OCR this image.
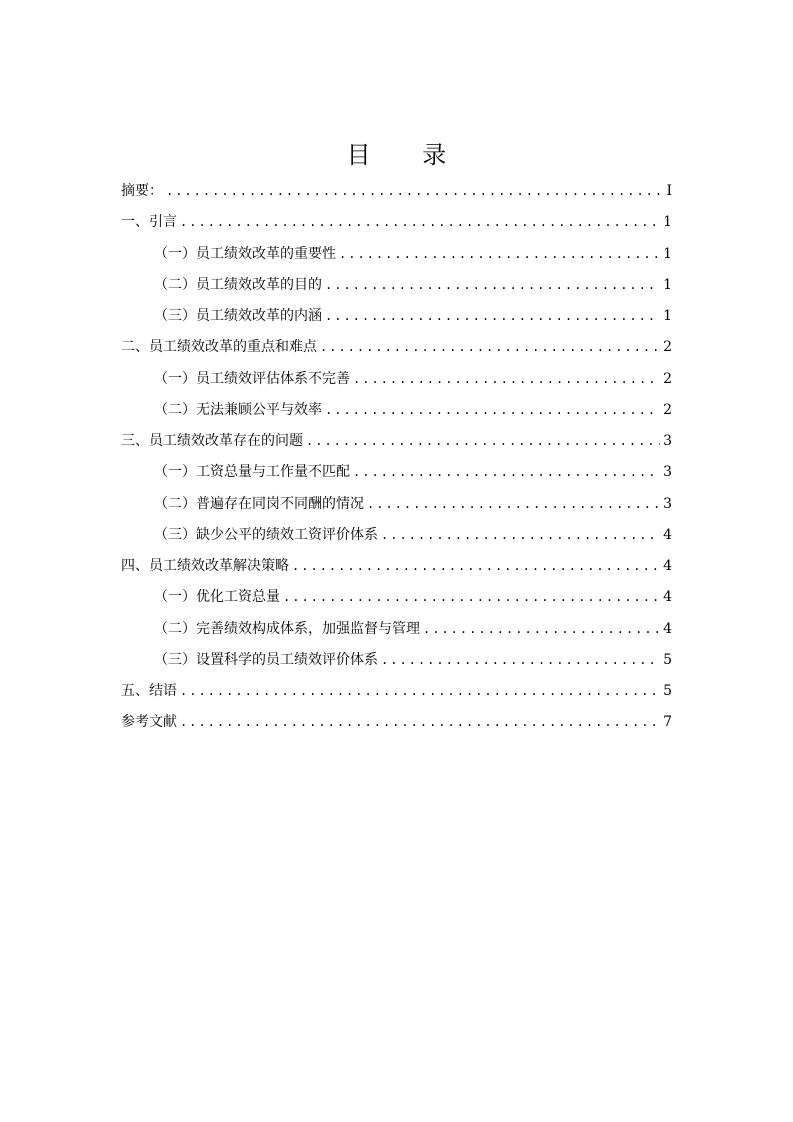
目 录
摘要： .....	I
一、引言 .....	1
（一）员工绩效改革的重要性 .....	1
（二）员工绩效改革的目的 .....	1
（三）员工绩效改革的内涵 .....	1
二、员工绩效改革的重点和难点 .....	2
（一）员工绩效评估体系不完善 .....	2
（二）无法兼顾公平与效率 .....	2
三、员工绩效改革存在的问题 .....	3
（一）工资总量与工作量不匹配 .....	3
（二）普遍存在同岗不同酬的情况 .....	3
（三）缺少公平的绩效工资评价体系 .....	4
四、员工绩效改革解决策略 .....	4
（一）优化工资总量 .....	4
（二）完善绩效构成体系，加强监督与管理 .....	4
（三）设置科学的员工绩效评价体系 .....	5
五、结语 .....	5
参考文献 .....	7
